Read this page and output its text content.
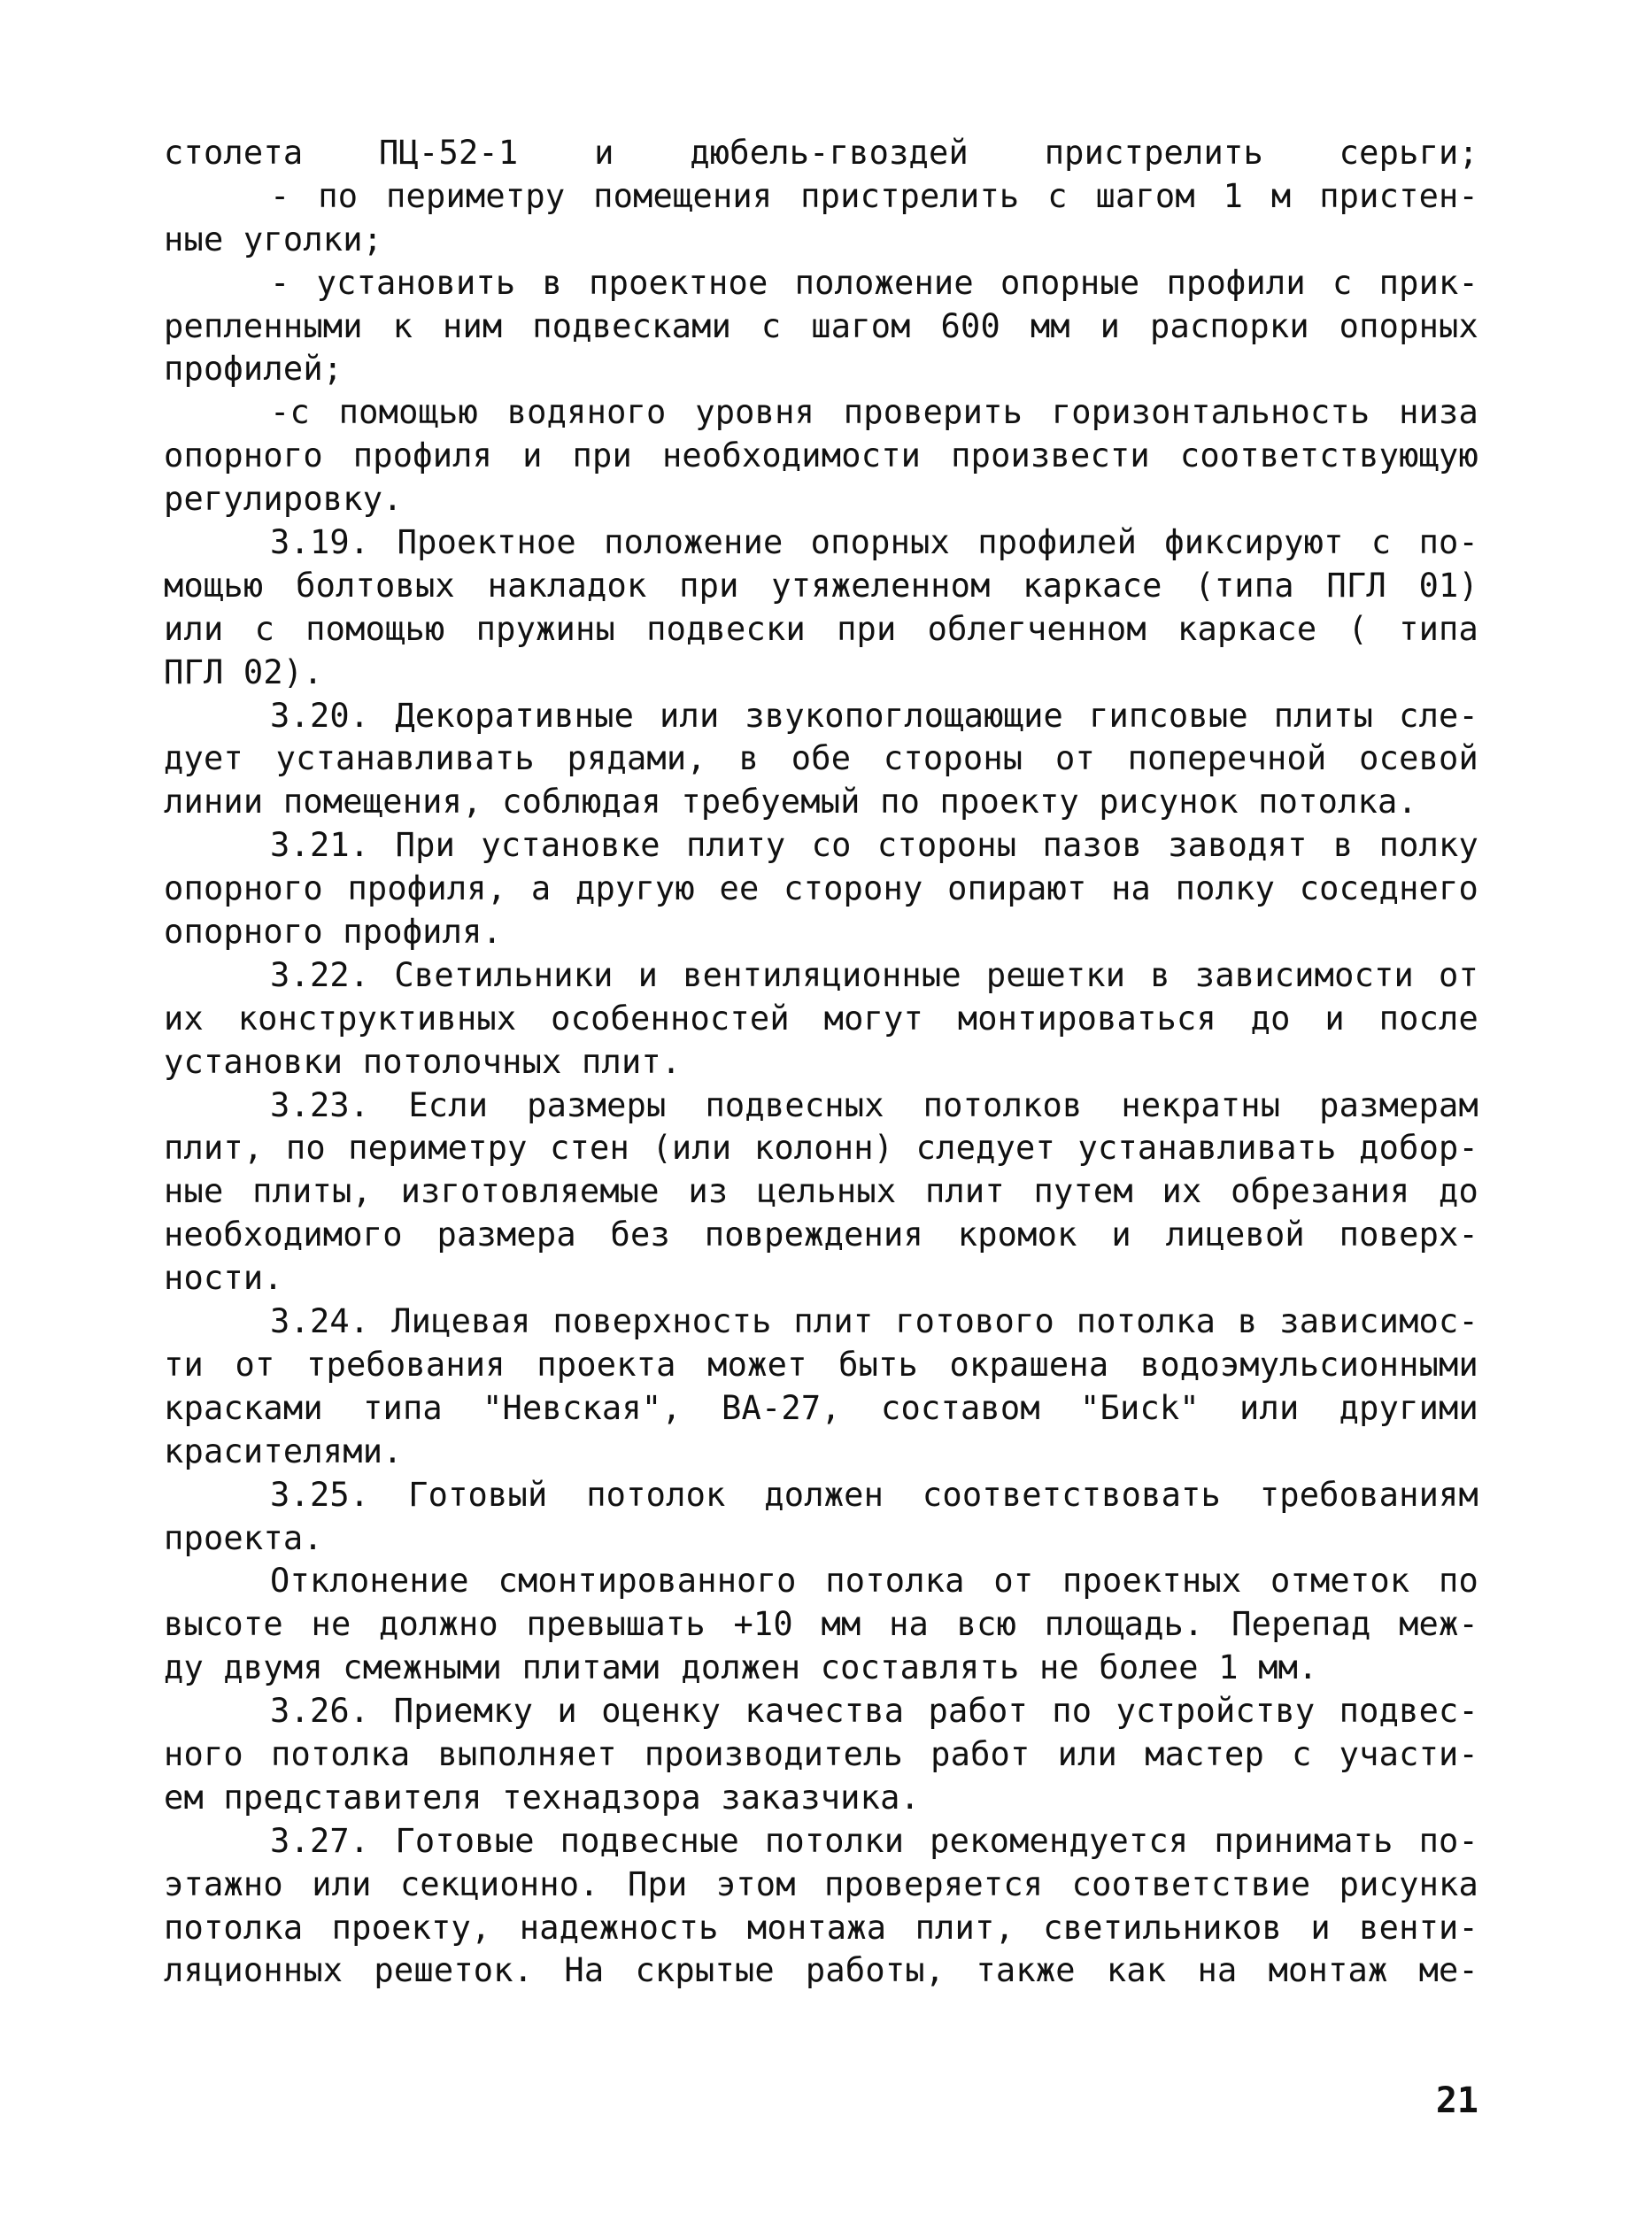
столета ПЦ-52-1 и дюбель-гвоздей пристрелить серьги;
- по периметру помещения пристрелить с шагом 1 м пристен-
ные уголки;
- установить в проектное положение опорные профили с прик-
репленными к ним подвесками с шагом 600 мм и распорки опорных
профилей;
-с помощью водяного уровня проверить горизонтальность низа
опорного профиля и при необходимости произвести соответствующую
регулировку.
3.19. Проектное положение опорных профилей фиксируют с по-
мощью болтовых накладок при утяжеленном каркасе (типа ПГЛ 01)
или с помощью пружины подвески при облегченном каркасе ( типа
ПГЛ 02).
3.20. Декоративные или звукопоглощающие гипсовые плиты сле-
дует устанавливать рядами, в обе стороны от поперечной осевой
линии помещения, соблюдая требуемый по проекту рисунок потолка.
3.21. При установке плиту со стороны пазов заводят в полку
опорного профиля, а другую ее сторону опирают на полку соседнего
опорного профиля.
3.22. Светильники и вентиляционные решетки в зависимости от
их конструктивных особенностей могут монтироваться до и после
установки потолочных плит.
3.23. Если размеры подвесных потолков некратны размерам
плит, по периметру стен (или колонн) следует устанавливать добор-
ные плиты, изготовляемые из цельных плит путем их обрезания до
необходимого размера без повреждения кромок и лицевой поверх-
ности.
3.24. Лицевая поверхность плит готового потолка в зависимос-
ти от требования проекта может быть окрашена водоэмульсионными
красками типа "Невская", ВА-27, составом "Бисk" или другими
красителями.
3.25. Готовый потолок должен соответствовать требованиям
проекта.
Отклонение смонтированного потолка от проектных отметок по
высоте не должно превышать +10 мм на всю площадь. Перепад меж-
ду двумя смежными плитами должен составлять не более 1 мм.
3.26. Приемку и оценку качества работ по устройству подвес-
ного потолка выполняет производитель работ или мастер с участи-
ем представителя технадзора заказчика.
3.27. Готовые подвесные потолки рекомендуется принимать по-
этажно или секционно. При этом проверяется соответствие рисунка
потолка проекту, надежность монтажа плит, светильников и венти-
ляционных решеток. На скрытые работы, также как на монтаж ме-
21
